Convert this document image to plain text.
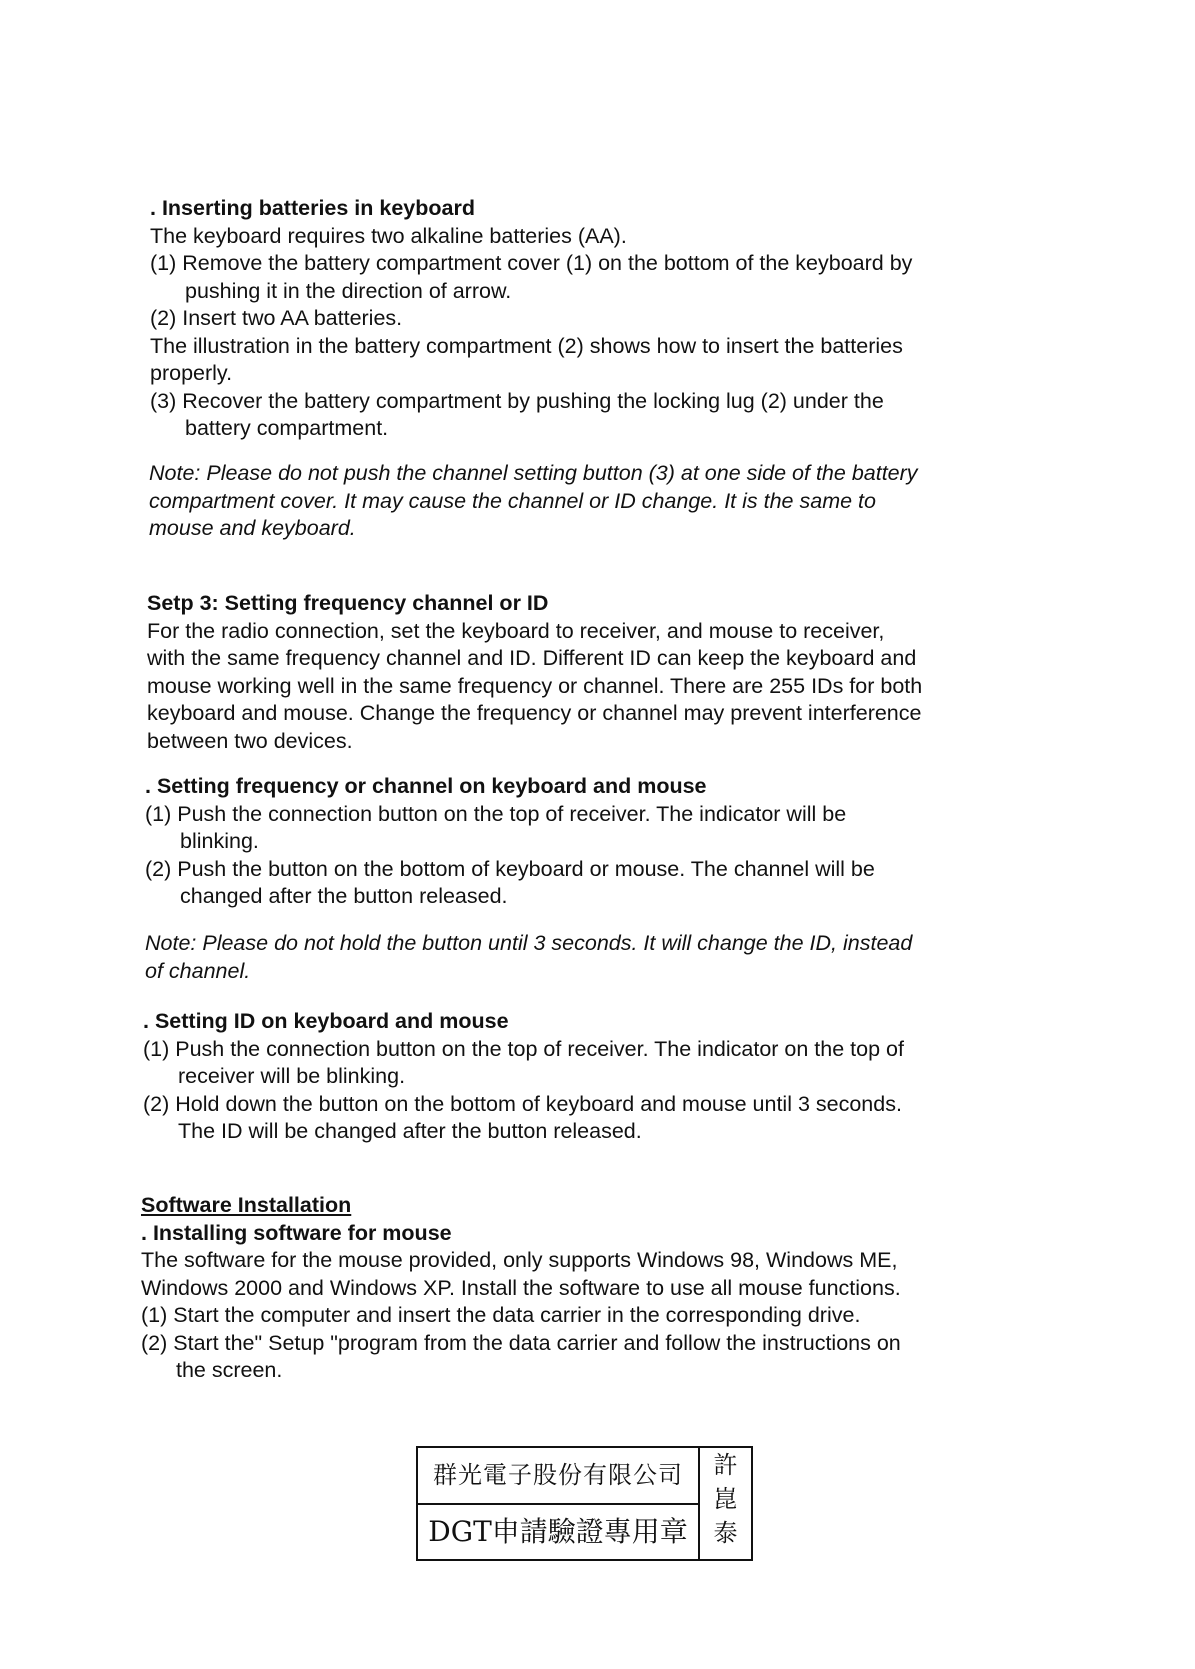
. Inserting batteries in keyboard
The keyboard requires two alkaline batteries (AA).
(1) Remove the battery compartment cover (1) on the bottom of the keyboard by
pushing it in the direction of arrow.
(2) Insert two AA batteries.
The illustration in the battery compartment (2) shows how to insert the batteries
properly.
(3) Recover the battery compartment by pushing the locking lug (2) under the
battery compartment.
Note: Please do not push the channel setting button (3) at one side of the battery
compartment cover. It may cause the channel or ID change. It is the same to
mouse and keyboard.
Setp 3: Setting frequency channel or ID
For the radio connection, set the keyboard to receiver, and mouse to receiver,
with the same frequency channel and ID. Different ID can keep the keyboard and
mouse working well in the same frequency or channel. There are 255 IDs for both
keyboard and mouse. Change the frequency or channel may prevent interference
between two devices.
. Setting frequency or channel on keyboard and mouse
(1) Push the connection button on the top of receiver. The indicator will be
blinking.
(2) Push the button on the bottom of keyboard or mouse. The channel will be
changed after the button released.
Note: Please do not hold the button until 3 seconds. It will change the ID, instead
of channel.
. Setting ID on keyboard and mouse
(1) Push the connection button on the top of receiver. The indicator on the top of
receiver will be blinking.
(2) Hold down the button on the bottom of keyboard and mouse until 3 seconds.
The ID will be changed after the button released.
Software Installation
. Installing software for mouse
The software for the mouse provided, only supports Windows 98, Windows ME,
Windows 2000 and Windows XP. Install the software to use all mouse functions.
(1) Start the computer and insert the data carrier in the corresponding drive.
(2) Start the" Setup "program from the data carrier and follow the instructions on
the screen.
群光電子股份有限公司
DGT申請驗證專用章
許
崑
泰
